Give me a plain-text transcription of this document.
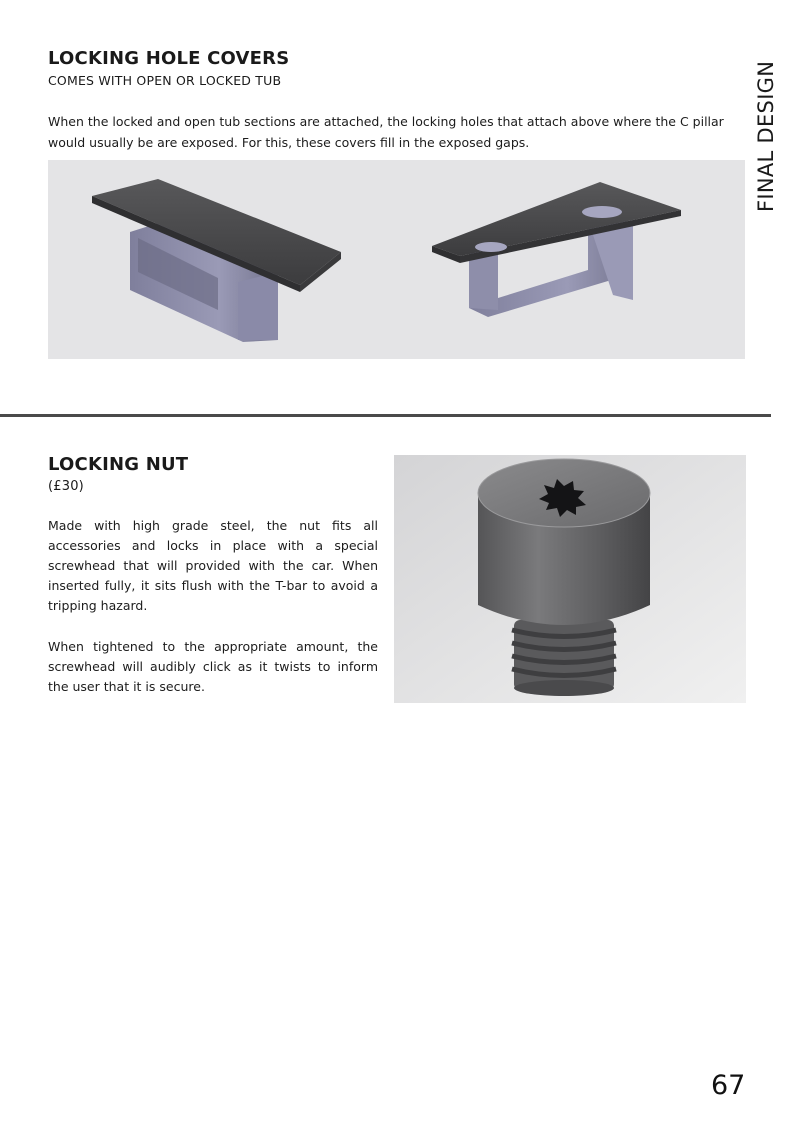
FINAL DESIGN
LOCKING HOLE COVERS

COMES WITH OPEN OR LOCKED TUB

When the locked and open tub sections are attached, the locking holes that attach above where the C pillar
would usually be are exposed. For this, these covers fill in the exposed gaps.

LOCKING NUT

(£30)

Made with high grade steel, the nut fits all accessories and locks in place with a special screwhead that will provided with the car. When inserted fully, it sits flush with the T-bar to avoid a tripping hazard.

When tightened to the appropriate amount, the screwhead will audibly click as it twists to inform the user that it is secure.

67
